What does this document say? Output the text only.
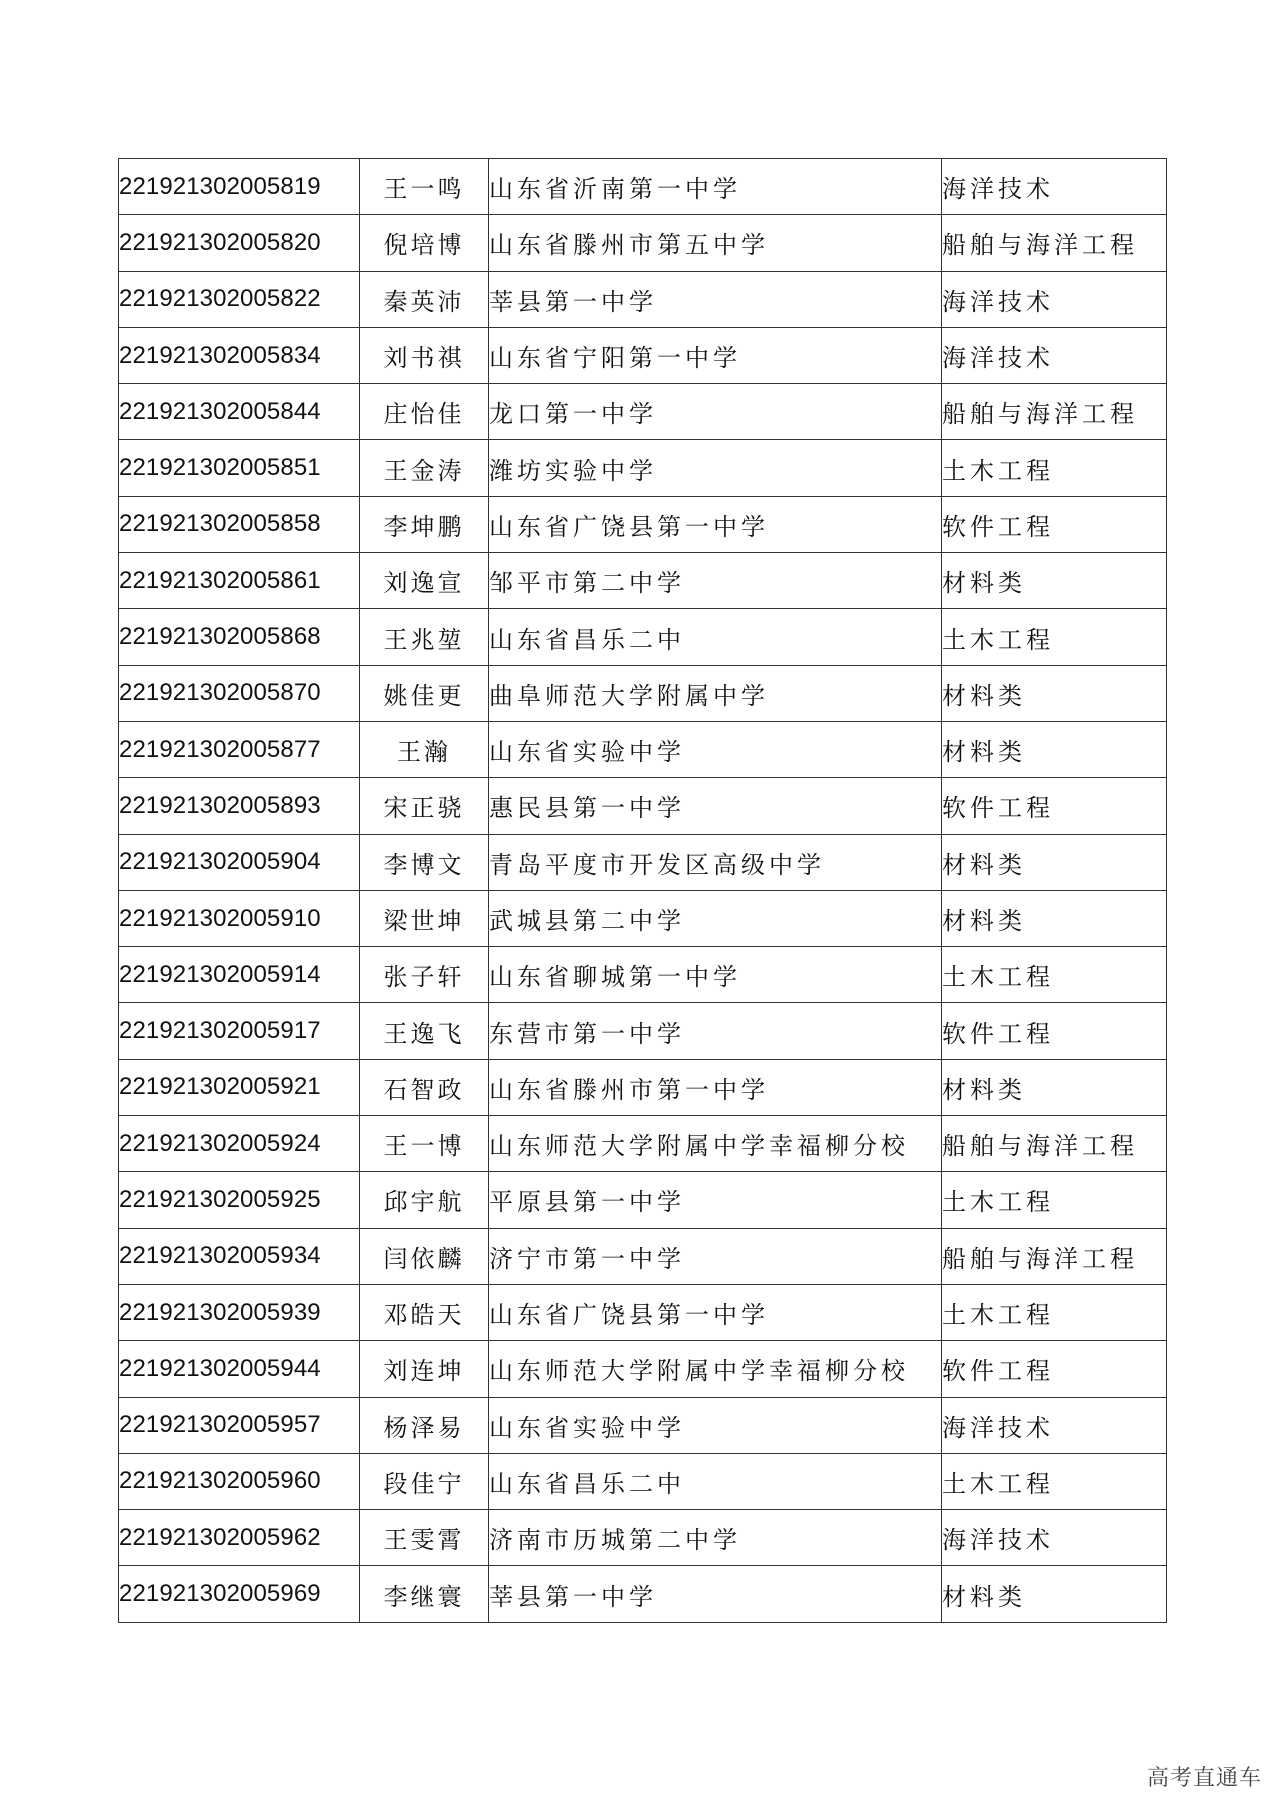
221921302005819	王一鸣	山东省沂南第一中学	海洋技术
221921302005820	倪培博	山东省滕州市第五中学	船舶与海洋工程
221921302005822	秦英沛	莘县第一中学	海洋技术
221921302005834	刘书祺	山东省宁阳第一中学	海洋技术
221921302005844	庄怡佳	龙口第一中学	船舶与海洋工程
221921302005851	王金涛	潍坊实验中学	土木工程
221921302005858	李坤鹏	山东省广饶县第一中学	软件工程
221921302005861	刘逸宣	邹平市第二中学	材料类
221921302005868	王兆堃	山东省昌乐二中	土木工程
221921302005870	姚佳更	曲阜师范大学附属中学	材料类
221921302005877	王瀚	山东省实验中学	材料类
221921302005893	宋正骁	惠民县第一中学	软件工程
221921302005904	李博文	青岛平度市开发区高级中学	材料类
221921302005910	梁世坤	武城县第二中学	材料类
221921302005914	张子轩	山东省聊城第一中学	土木工程
221921302005917	王逸飞	东营市第一中学	软件工程
221921302005921	石智政	山东省滕州市第一中学	材料类
221921302005924	王一博	山东师范大学附属中学幸福柳分校	船舶与海洋工程
221921302005925	邱宇航	平原县第一中学	土木工程
221921302005934	闫依麟	济宁市第一中学	船舶与海洋工程
221921302005939	邓皓天	山东省广饶县第一中学	土木工程
221921302005944	刘连坤	山东师范大学附属中学幸福柳分校	软件工程
221921302005957	杨泽易	山东省实验中学	海洋技术
221921302005960	段佳宁	山东省昌乐二中	土木工程
221921302005962	王雯霄	济南市历城第二中学	海洋技术
221921302005969	李继寰	莘县第一中学	材料类
高考直通车
